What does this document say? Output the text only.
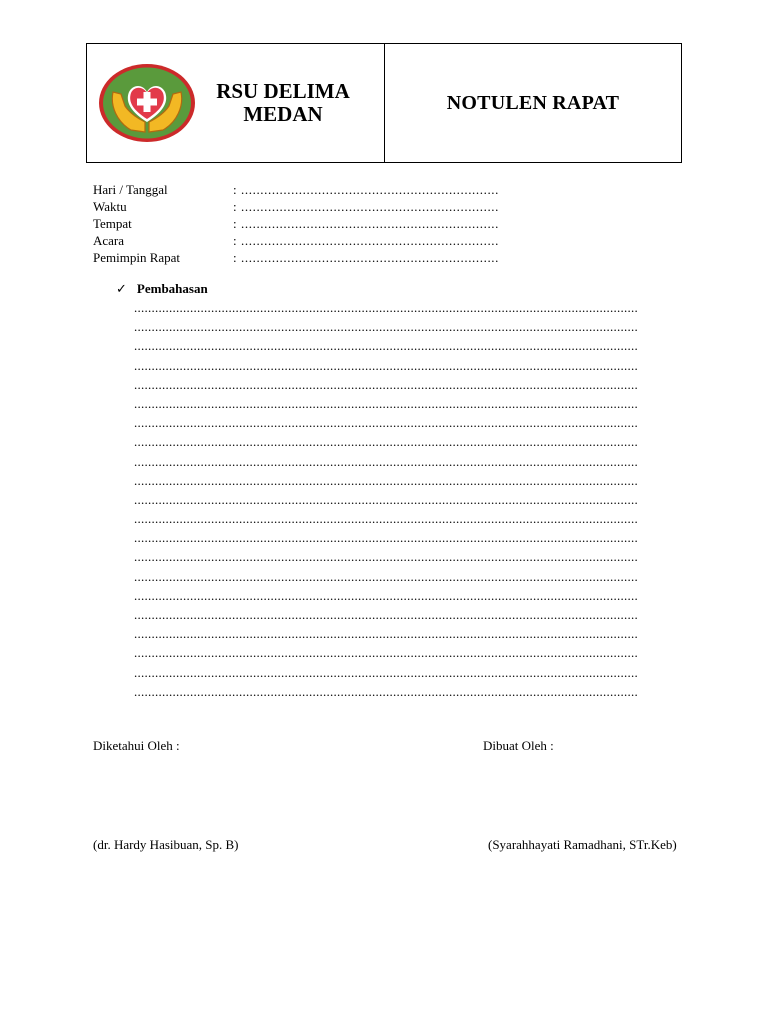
RSU DELIMA
MEDAN	NOTULEN RAPAT
Hari / Tanggal	: ...................................................................
Waktu	: ...................................................................
Tempat	: ...................................................................
Acara	: ...................................................................
Pemimpin Rapat	: ...................................................................
✓ Pembahasan
................................................................................................................................................
................................................................................................................................................
................................................................................................................................................
................................................................................................................................................
................................................................................................................................................
................................................................................................................................................
................................................................................................................................................
................................................................................................................................................
................................................................................................................................................
................................................................................................................................................
................................................................................................................................................
................................................................................................................................................
................................................................................................................................................
................................................................................................................................................
................................................................................................................................................
................................................................................................................................................
................................................................................................................................................
................................................................................................................................................
................................................................................................................................................
................................................................................................................................................
................................................................................................................................................
Diketahui Oleh :	Dibuat Oleh :
(dr. Hardy Hasibuan, Sp. B)	(Syarahhayati Ramadhani, STr.Keb)
